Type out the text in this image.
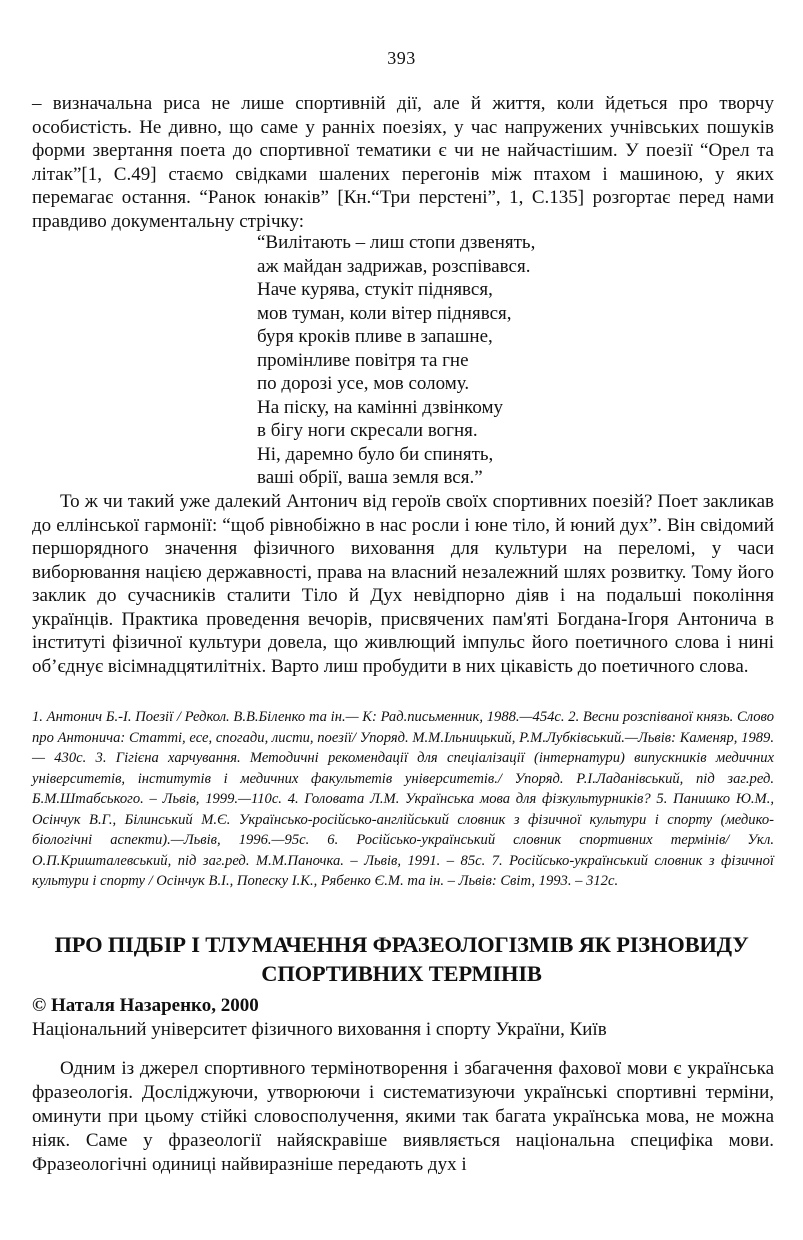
393

– визначальна риса не лише спортивній дії, але й життя, коли йдеться про творчу особистість. Не дивно, що саме у ранніх поезіях, у час напружених учнівських пошуків форми звертання поета до спортивної тематики є чи не найчастішим. У поезії “Орел та літак”[1, С.49] стаємо свідками шалених перегонів між птахом і машиною, у яких перемагає остання. “Ранок юнаків” [Кн.“Три перстені”, 1, С.135] розгортає перед нами правдиво документальну стрічку:

“Вилітають – лиш стопи дзвенять,
аж майдан задрижав, розспівався.
Наче курява, стукіт піднявся,
мов туман, коли вітер піднявся,
буря кроків пливе в запашне,
промінливе повітря та гне
по дорозі усе, мов солому.
На піску, на камінні дзвінкому
в бігу ноги скресали вогня.
Ні, даремно було би спинять,
ваші обрії, ваша земля вся.”

То ж чи такий уже далекий Антонич від героїв своїх спортивних поезій? Поет закликав до еллінської гармонії: “щоб рівнобіжно в нас росли і юне тіло, й юний дух”. Він свідомий першорядного значення фізичного виховання для культури на переломі, у часи виборювання нацією державності, права на власний незалежний шлях розвитку. Тому його заклик до сучасників сталити Тіло й Дух невідпорно діяв і на подальші покоління українців. Практика проведення вечорів, присвячених пам'яті Богдана-Ігоря Антонича в інституті фізичної культури довела, що живлющий імпульс його поетичного слова і нині об’єднує вісімнадцятилітніх. Варто лиш пробудити в них цікавість до поетичного слова.

1. Антонич Б.-І. Поезії / Редкол. В.В.Біленко та ін.— К: Рад.письменник, 1988.—454с. 2. Весни розспіваної князь. Слово про Антонича: Статті, есе, спогади, листи, поезії/ Упоряд. М.М.Ільницький, Р.М.Лубківський.—Львів: Каменяр, 1989. — 430с. 3. Гігієна харчування. Методичні рекомендації для спеціалізації (інтернатури) випускників медичних університетів, інститутів і медичних факультетів університетів./ Упоряд. Р.І.Ладанівський, під заг.ред. Б.М.Штабського. – Львів, 1999.—110с. 4. Головата Л.М. Українська мова для фізкультурників? 5. Панишко Ю.М., Осінчук В.Г., Білинський М.Є. Українсько-російсько-англійський словник з фізичної культури і спорту (медико-біологічні аспекти).—Львів, 1996.—95с. 6. Російсько-український словник спортивних термінів/ Укл. О.П.Кришталевський, під заг.ред. М.М.Паночка. – Львів, 1991. – 85с. 7. Російсько-український словник з фізичної культури і спорту / Осінчук В.І., Попеску І.К., Рябенко Є.М. та ін. – Львів: Світ, 1993. – 312с.

ПРО ПІДБІР І ТЛУМАЧЕННЯ ФРАЗЕОЛОГІЗМІВ ЯК РІЗНОВИДУ СПОРТИВНИХ ТЕРМІНІВ

© Наталя Назаренко, 2000

Національний університет фізичного виховання і спорту України, Київ

Одним із джерел спортивного термінотворення і збагачення фахової мови є українська фразеологія. Досліджуючи, утворюючи і систематизуючи українські спортивні терміни, оминути при цьому стійкі словосполучення, якими так багата українська мова, не можна ніяк. Саме у фразеології найяскравіше виявляється національна специфіка мови. Фразеологічні одиниці найвиразніше передають дух і
